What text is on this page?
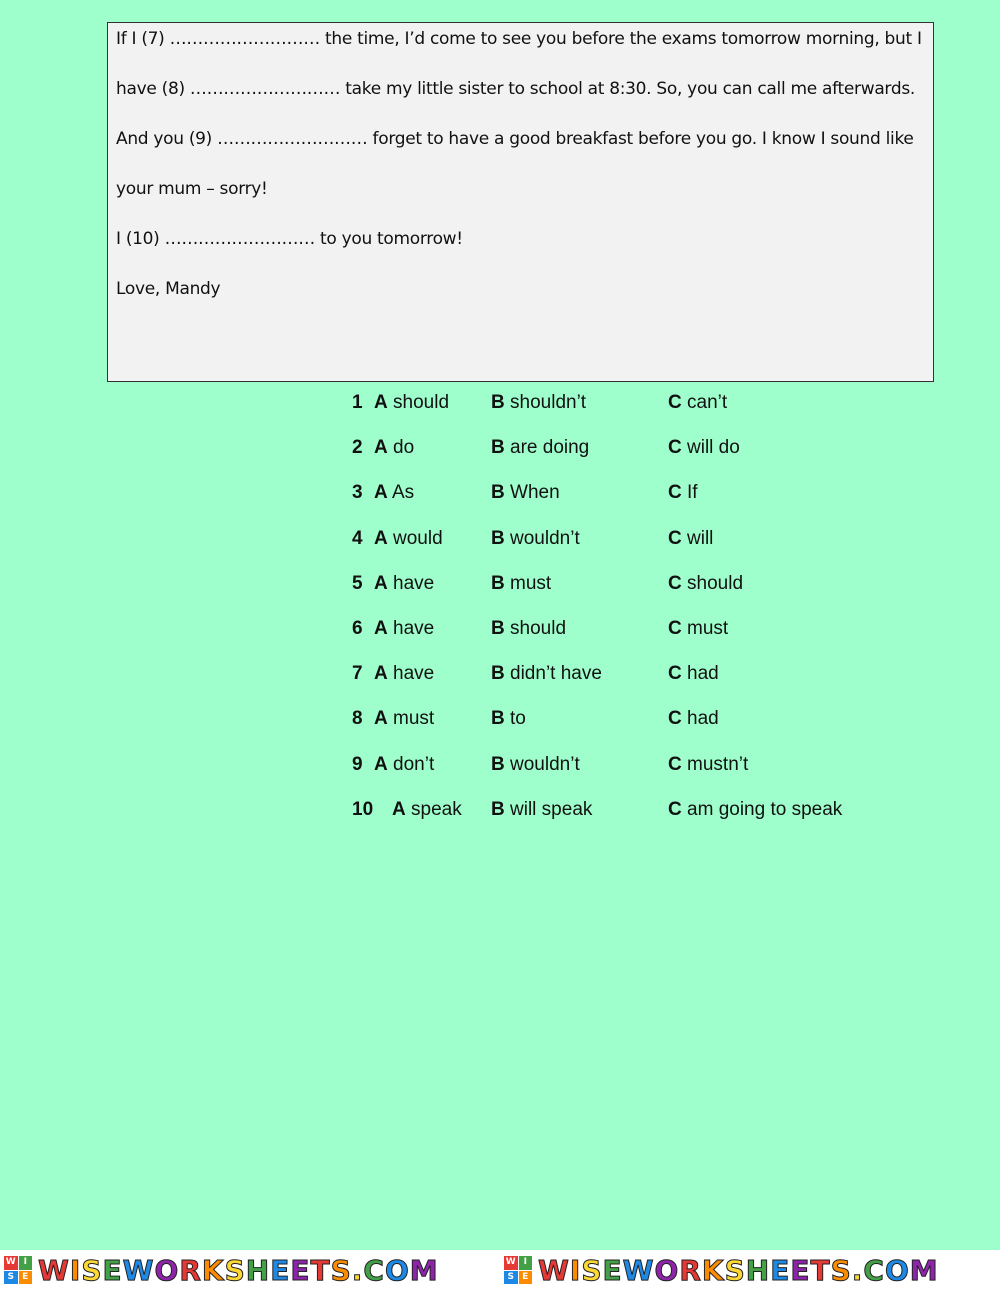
If I (7) ……………………… the time, I’d come to see you before the exams tomorrow morning, but I
have (8) ……………………… take my little sister to school at 8:30. So, you can call me afterwards.
And you (9) ……………………… forget to have a good breakfast before you go. I know I sound like
your mum – sorry!
I (10) ……………………… to you tomorrow!
Love, Mandy
1 A should B shouldn’t	C can’t
2 A do	B are doing	C will do
3 A As	B When	C If
4 A would	B wouldn’t	C will
5 A have	B must	C should
6 A have	B should	C must
7 A have	B didn’t have	C had
8 A must	B to	C had
9 A don’t	B wouldn’t	C mustn’t
10 A speak B will speak	C am going to speak
W I
S E WISEWORKSHEETS.COM	W I
S E WISEWORKSHEETS.COM
